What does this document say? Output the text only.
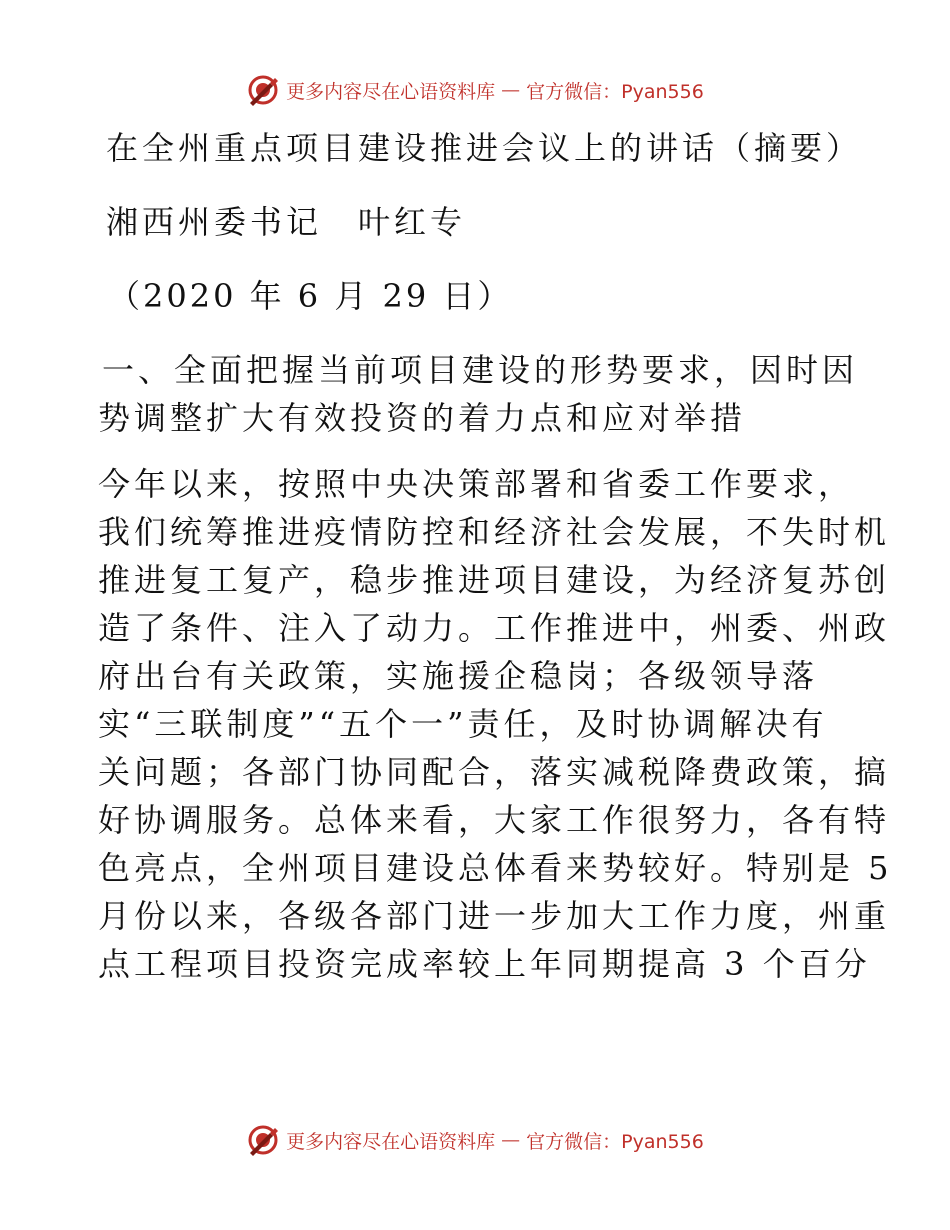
更多内容尽在心语资料库 — 官方微信：Pyan556
在全州重点项目建设推进会议上的讲话（摘要）
湘西州委书记　叶红专
（2020 年 6 月 29 日）
一、全面把握当前项目建设的形势要求，因时因
势调整扩大有效投资的着力点和应对举措
今年以来，按照中央决策部署和省委工作要求，
我们统筹推进疫情防控和经济社会发展，不失时机
推进复工复产，稳步推进项目建设，为经济复苏创
造了条件、注入了动力。工作推进中，州委、州政
府出台有关政策，实施援企稳岗；各级领导落
实“三联制度”“五个一”责任，及时协调解决有
关问题；各部门协同配合，落实减税降费政策，搞
好协调服务。总体来看，大家工作很努力，各有特
色亮点，全州项目建设总体看来势较好。特别是 5
月份以来，各级各部门进一步加大工作力度，州重
点工程项目投资完成率较上年同期提高 3 个百分
更多内容尽在心语资料库 — 官方微信：Pyan556
